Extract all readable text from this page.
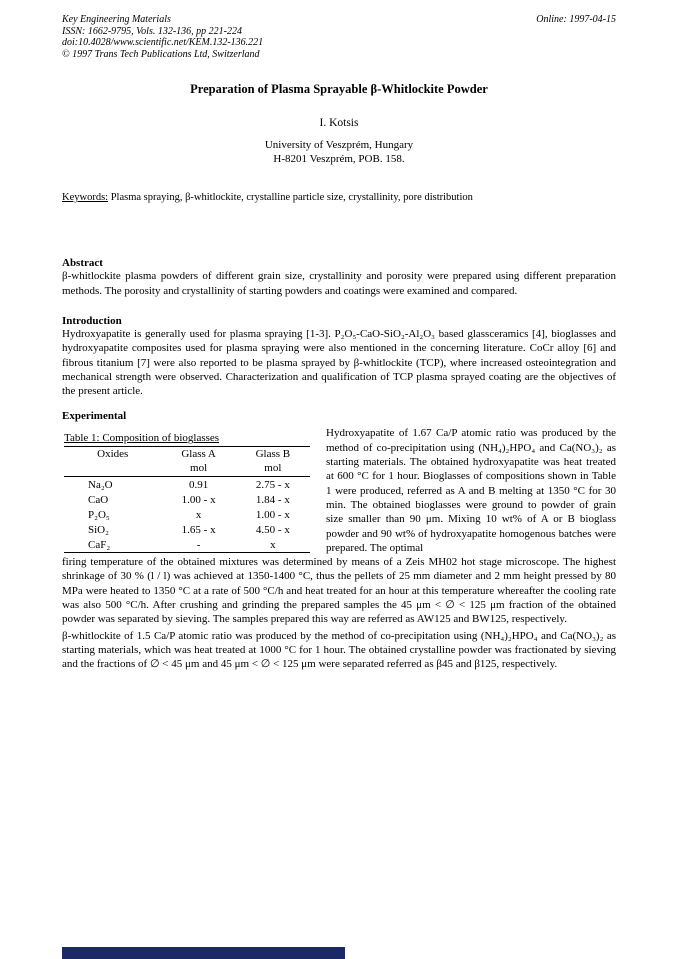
Key Engineering Materials
ISSN: 1662-9795, Vols. 132-136, pp 221-224
doi:10.4028/www.scientific.net/KEM.132-136.221
© 1997 Trans Tech Publications Ltd, Switzerland
Online: 1997-04-15
Preparation of Plasma Sprayable β-Whitlockite Powder
I. Kotsis
University of Veszprém, Hungary
H-8201 Veszprém, POB. 158.
Keywords: Plasma spraying, β-whitlockite, crystalline particle size, crystallinity, pore distribution
Abstract
β-whitlockite plasma powders of different grain size, crystallinity and porosity were prepared using different preparation methods. The porosity and crystallinity of starting powders and coatings were examined and compared.
Introduction
Hydroxyapatite is generally used for plasma spraying [1-3]. P₂O₅-CaO-SiO₂-Al₂O₃ based glassceramics [4], bioglasses and hydroxyapatite composites used for plasma spraying were also mentioned in the concerning literature. CoCr alloy [6] and fibrous titanium [7] were also reported to be plasma sprayed by β-whitlockite (TCP), where increased osteointegration and mechanical strength were observed. Characterization and qualification of TCP plasma sprayed coating are the objectives of the present article.
Experimental
Table 1: Composition of bioglasses
Oxides	Glass A	Glass B
	mol	mol
Na₂O	0.91	2.75 - x
CaO	1.00 - x	1.84 - x
P₂O₅	x	1.00 - x
SiO₂	1.65 - x	4.50 - x
CaF₂	-	x
Hydroxyapatite of 1.67 Ca/P atomic ratio was produced by the method of co-precipitation using (NH₄)₂HPO₄ and Ca(NO₃)₂ as starting materials. The obtained hydroxyapatite was heat treated at 600 °C for 1 hour. Bioglasses of compositions shown in Table 1 were produced, referred as A and B melting at 1350 °C for 30 min. The obtained bioglasses were ground to powder of grain size smaller than 90 μm. Mixing 10 wt% of A or B bioglass powder and 90 wt% of hydroxyapatite homogenous batches were prepared. The optimal
firing temperature of the obtained mixtures was determined by means of a Zeis MH02 hot stage microscope. The highest shrinkage of 30 % (l / l) was achieved at 1350-1400 °C, thus the pellets of 25 mm diameter and 2 mm height pressed by 80 MPa were heated to 1350 °C at a rate of 500 °C/h and heat treated for an hour at this temperature whereafter the cooling rate was also 500 °C/h. After crushing and grinding the prepared samples the 45 μm < ∅ < 125 μm fraction of the obtained powder was separated by sieving. The samples prepared this way are referred as AW125 and BW125, respectively.
β-whitlockite of 1.5 Ca/P atomic ratio was produced by the method of co-precipitation using (NH₄)₂HPO₄ and Ca(NO₃)₂ as starting materials, which was heat treated at 1000 °C for 1 hour. The obtained crystalline powder was fractionated by sieving and the fractions of ∅ < 45 μm and 45 μm < ∅ < 125 μm were separated referred as β45 and β125, respectively.
